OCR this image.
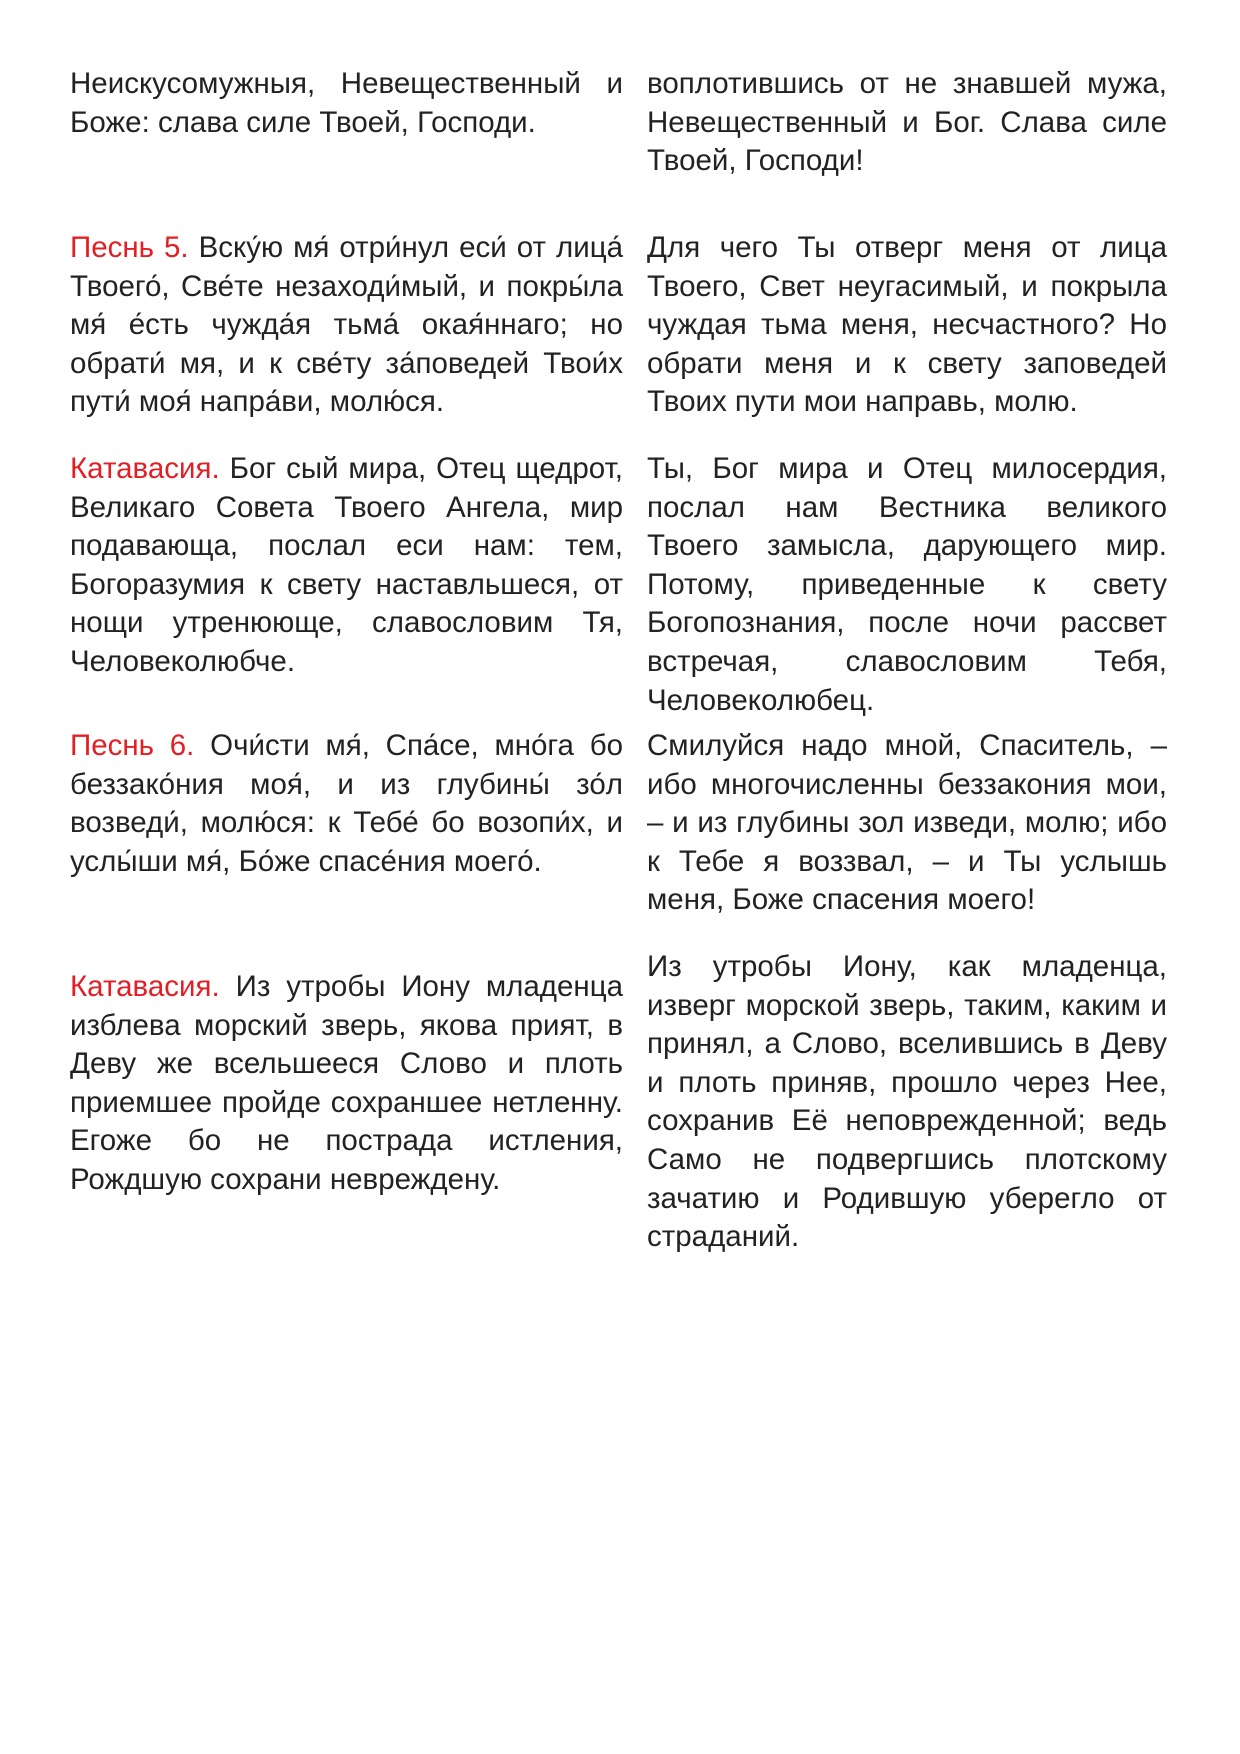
Неискусомужныя, Невещественный и Боже: слава силе Твоей, Господи.

воплотившись от не знавшей мужа, Невещественный и Бог. Слава силе Твоей, Господи!

Песнь 5. Вску́ю мя́ отри́нул еси́ от лица́ Твоего́, Све́те незаходи́мый, и покры́ла мя́ е́сть чужда́я тьма́ окая́ннаго; но обрати́ мя, и к све́ту за́поведей Твои́х пути́ моя́ напра́ви, молю́ся.

Для чего Ты отверг меня от лица Твоего, Свет неугасимый, и покрыла чуждая тьма меня, несчастного? Но обрати меня и к свету заповедей Твоих пути мои направь, молю.

Катавасия. Бог сый мира, Отец щедрот, Великаго Совета Твоего Ангела, мир подавающа, послал еси нам: тем, Богоразумия к свету наставльшеся, от нощи утренююще, славословим Тя, Человеколюбче.

Ты, Бог мира и Отец милосердия, послал нам Вестника великого Твоего замысла, дарующего мир. Потому, приведенные к свету Богопознания, после ночи рассвет встречая, славословим Тебя, Человеколюбец.

Песнь 6. Очи́сти мя́, Спа́се, мно́га бо беззако́ния моя́, и из глубины́ зо́л возведи́, молю́ся: к Тебе́ бо возопи́х, и услы́ши мя́, Бо́же спасе́ния моего́.

Смилуйся надо мной, Спаситель, – ибо многочисленны беззакония мои, – и из глубины зол изведи, молю; ибо к Тебе я воззвал, – и Ты услышь меня, Боже спасения моего!

Катавасия. Из утробы Иону младенца изблева морский зверь, якова прият, в Деву же всельшееся Слово и плоть приемшее пройде сохраншее нетленну. Егоже бо не пострада истления, Рождшую сохрани невреждену.

Из утробы Иону, как младенца, изверг морской зверь, таким, каким и принял, а Слово, вселившись в Деву и плоть приняв, прошло через Нее, сохранив Её неповрежденной; ведь Само не подвергшись плотскому зачатию и Родившую уберегло от страданий.
